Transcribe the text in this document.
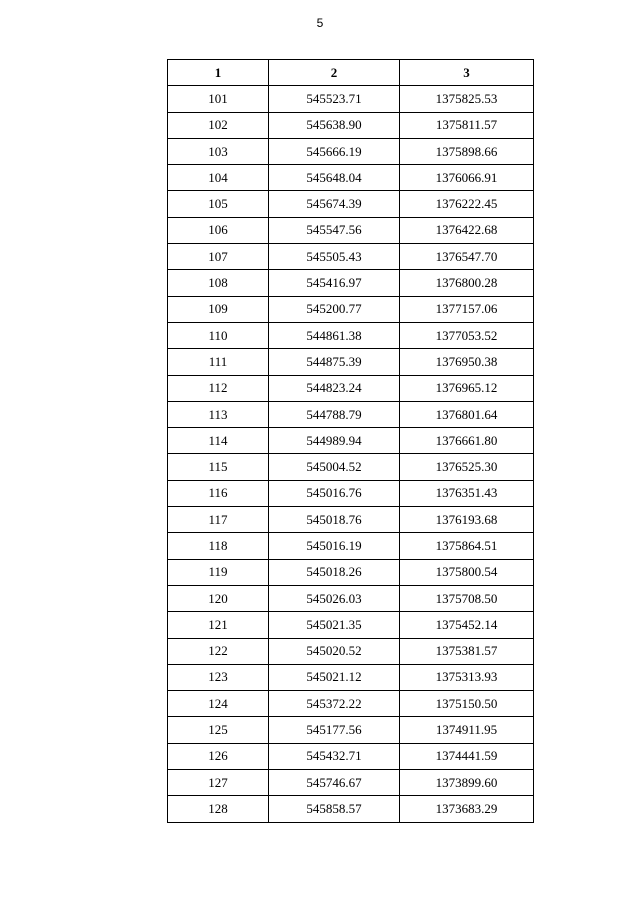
5
1	2	3
101	545523.71	1375825.53
102	545638.90	1375811.57
103	545666.19	1375898.66
104	545648.04	1376066.91
105	545674.39	1376222.45
106	545547.56	1376422.68
107	545505.43	1376547.70
108	545416.97	1376800.28
109	545200.77	1377157.06
110	544861.38	1377053.52
111	544875.39	1376950.38
112	544823.24	1376965.12
113	544788.79	1376801.64
114	544989.94	1376661.80
115	545004.52	1376525.30
116	545016.76	1376351.43
117	545018.76	1376193.68
118	545016.19	1375864.51
119	545018.26	1375800.54
120	545026.03	1375708.50
121	545021.35	1375452.14
122	545020.52	1375381.57
123	545021.12	1375313.93
124	545372.22	1375150.50
125	545177.56	1374911.95
126	545432.71	1374441.59
127	545746.67	1373899.60
128	545858.57	1373683.29
